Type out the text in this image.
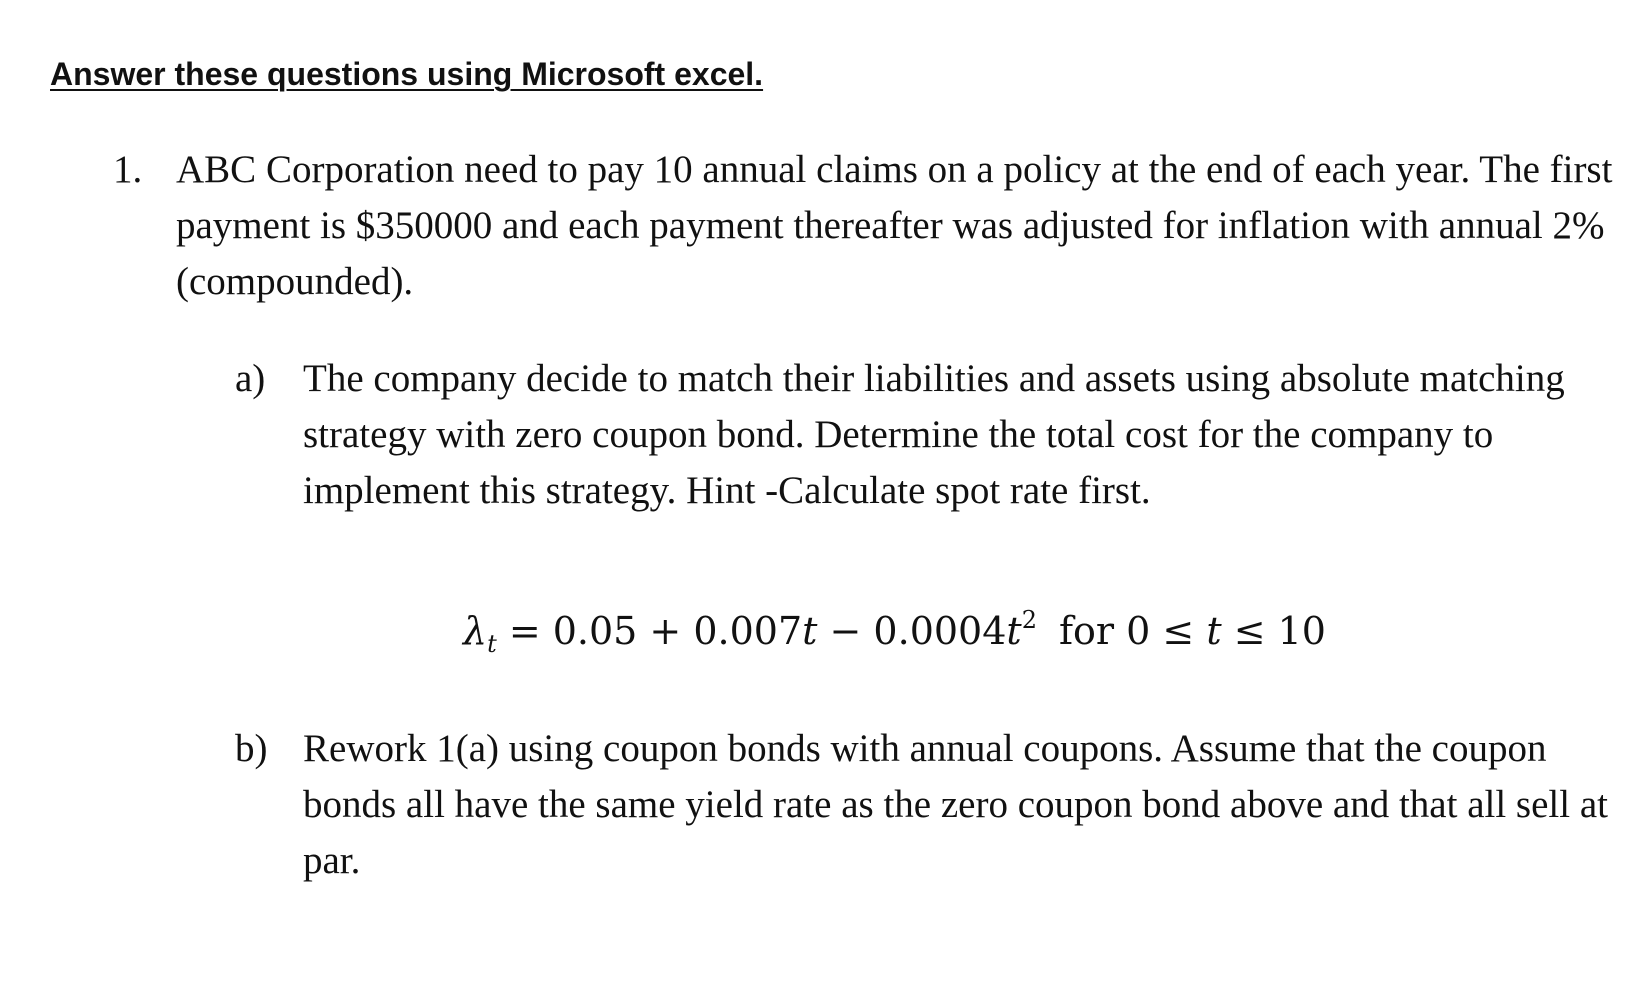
Answer these questions using Microsoft excel.
1. ABC Corporation need to pay 10 annual claims on a policy at the end of each year. The first payment is $350000 and each payment thereafter was adjusted for inflation with annual 2% (compounded).
a) The company decide to match their liabilities and assets using absolute matching strategy with zero coupon bond. Determine the total cost for the company to implement this strategy. Hint -Calculate spot rate first.
$\lambda_t = 0.05 + 0.007t - 0.0004t^2$ for 0 ≤ t ≤ 10
b) Rework 1(a) using coupon bonds with annual coupons. Assume that the coupon bonds all have the same yield rate as the zero coupon bond above and that all sell at par.
